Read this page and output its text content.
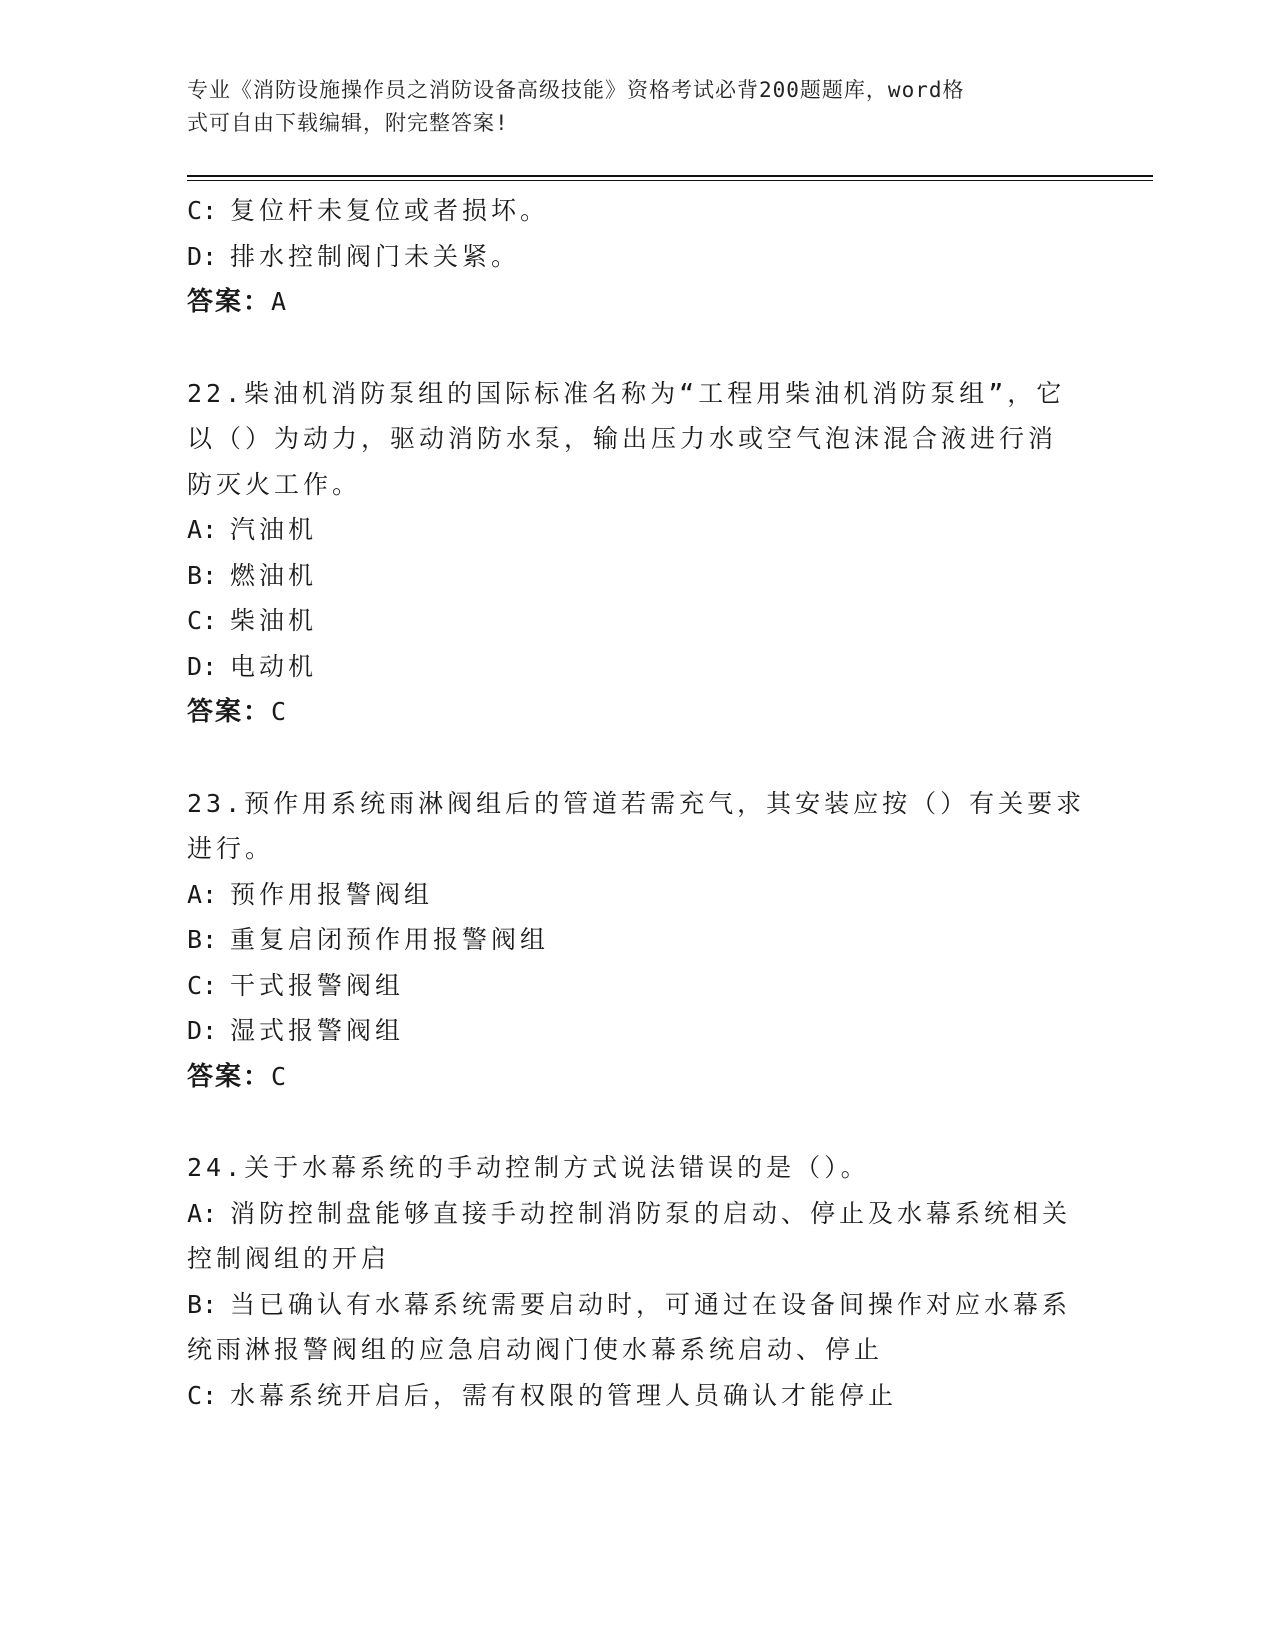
专业《消防设施操作员之消防设备高级技能》资格考试必背200题题库，word格
式可自由下载编辑，附完整答案!
C: 复位杆未复位或者损坏。
D: 排水控制阀门未关紧。
答案：A
22.柴油机消防泵组的国际标准名称为“工程用柴油机消防泵组”，它
以（）为动力，驱动消防水泵，输出压力水或空气泡沫混合液进行消
防灭火工作。
A: 汽油机
B: 燃油机
C: 柴油机
D: 电动机
答案：C
23.预作用系统雨淋阀组后的管道若需充气，其安装应按（）有关要求
进行。
A: 预作用报警阀组
B: 重复启闭预作用报警阀组
C: 干式报警阀组
D: 湿式报警阀组
答案：C
24.关于水幕系统的手动控制方式说法错误的是（）。
A: 消防控制盘能够直接手动控制消防泵的启动、停止及水幕系统相关
控制阀组的开启
B: 当已确认有水幕系统需要启动时，可通过在设备间操作对应水幕系
统雨淋报警阀组的应急启动阀门使水幕系统启动、停止
C: 水幕系统开启后，需有权限的管理人员确认才能停止
